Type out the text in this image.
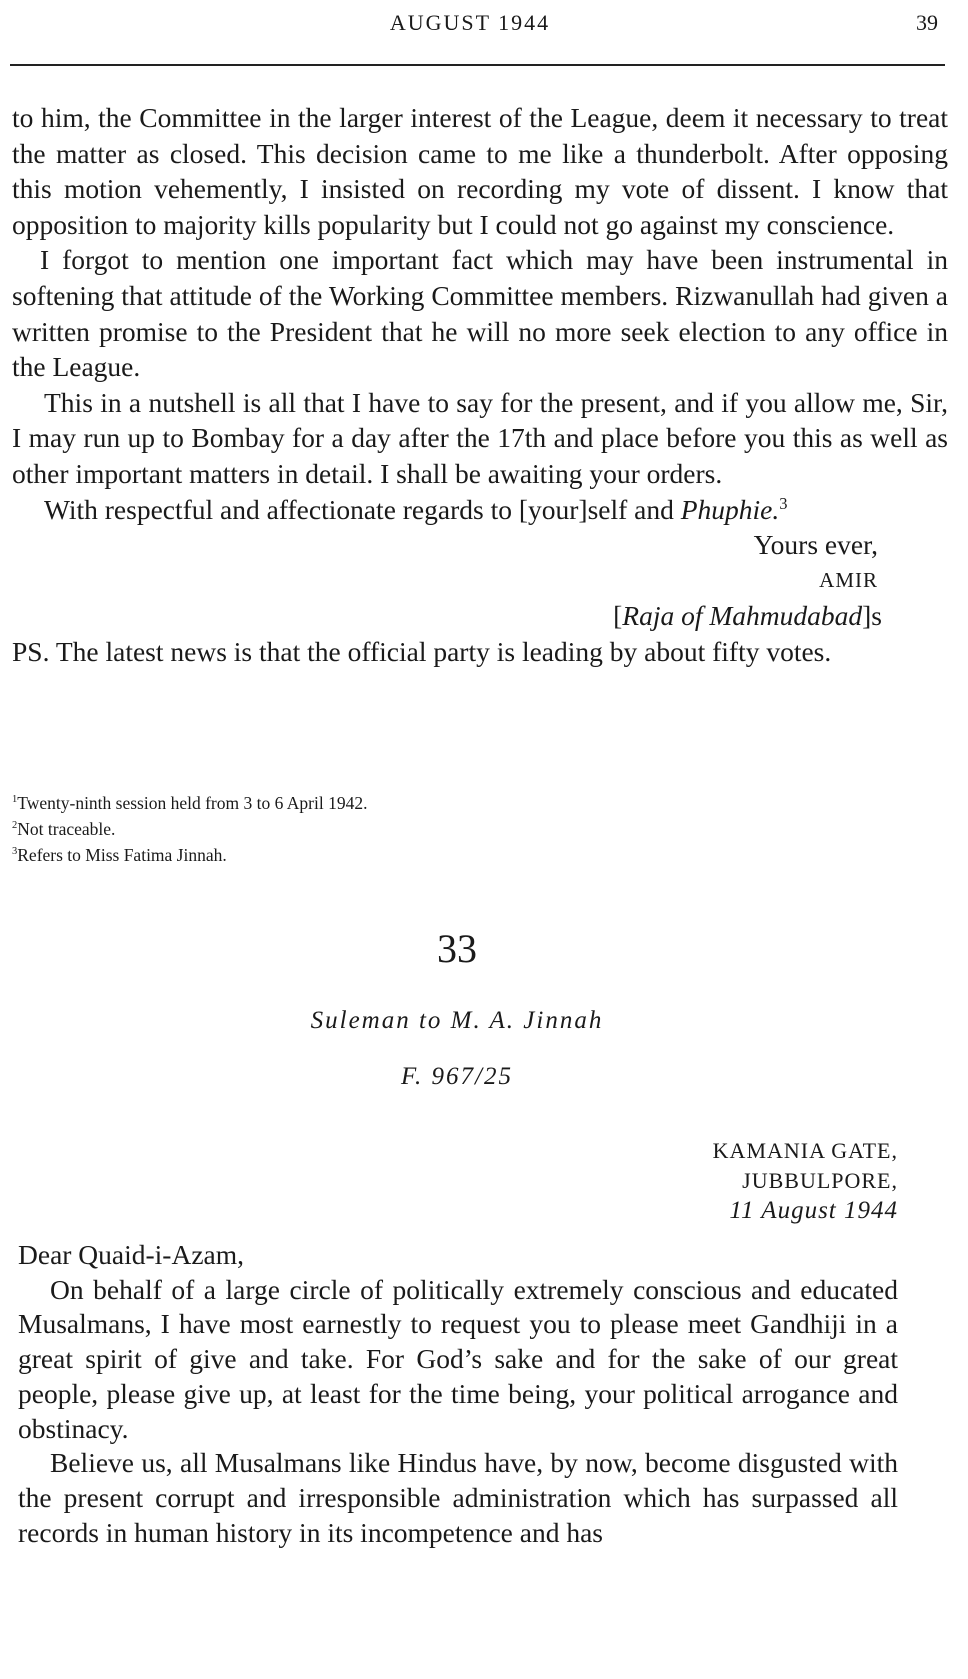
AUGUST 1944	39

to him, the Committee in the larger interest of the League, deem it necessary to treat the matter as closed. This decision came to me like a thunderbolt. After opposing this motion vehemently, I insisted on recording my vote of dissent. I know that opposition to majority kills popularity but I could not go against my conscience.

I forgot to mention one important fact which may have been instrumental in softening that attitude of the Working Committee members. Rizwanullah had given a written promise to the President that he will no more seek election to any office in the League.

This in a nutshell is all that I have to say for the present, and if you allow me, Sir, I may run up to Bombay for a day after the 17th and place before you this as well as other important matters in detail. I shall be awaiting your orders.

With respectful and affectionate regards to [your]self and Phuphie.$^3$

Yours ever,
AMIR
[Raja of Mahmudabad]s

PS. The latest news is that the official party is leading by about fifty votes.

$^1$Twenty-ninth session held from 3 to 6 April 1942.
$^2$Not traceable.
$^3$Refers to Miss Fatima Jinnah.
33
Suleman to M. A. Jinnah
F. 967/25
KAMANIA GATE,
JUBBULPORE,
11 August 1944

Dear Quaid-i-Azam,

On behalf of a large circle of politically extremely conscious and educated Musalmans, I have most earnestly to request you to please meet Gandhiji in a great spirit of give and take. For God’s sake and for the sake of our great people, please give up, at least for the time being, your political arrogance and obstinacy.

Believe us, all Musalmans like Hindus have, by now, become disgusted with the present corrupt and irresponsible administration which has surpassed all records in human history in its incompetence and has
